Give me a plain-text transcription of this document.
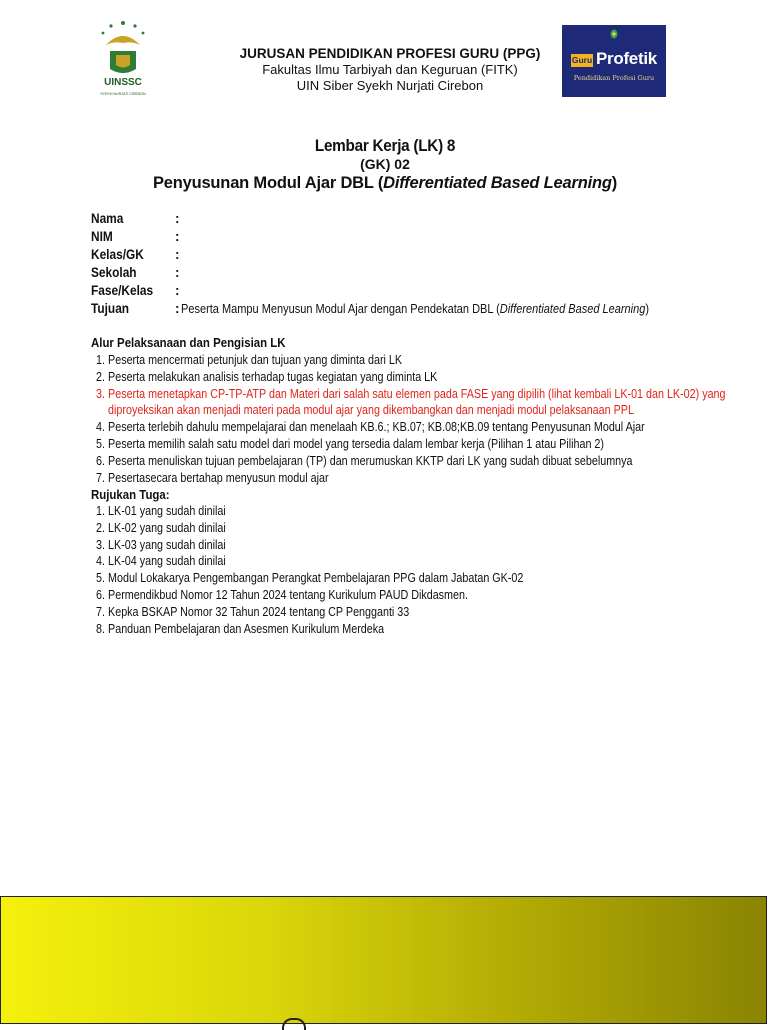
UINSSC
SYEKH NURJATI CIREBON
JURUSAN PENDIDIKAN PROFESI GURU (PPG)
Fakultas Ilmu Tarbiyah dan Keguruan (FITK)
UIN Siber Syekh Nurjati Cirebon
Guru Profetik
Pendidikan Profesi Guru
Lembar Kerja (LK) 8
(GK) 02
Penyusunan Modul Ajar DBL (Differentiated Based Learning)
Nama	:
NIM	:
Kelas/GK :
Sekolah	:
Fase/Kelas :
Tujuan	: Peserta Mampu Menyusun Modul Ajar dengan Pendekatan DBL (Differentiated Based Learning)
Alur Pelaksanaan dan Pengisian LK
1. Peserta mencermati petunjuk dan tujuan yang diminta dari LK
2. Peserta melakukan analisis terhadap tugas kegiatan yang diminta LK
3. Peserta menetapkan CP-TP-ATP dan Materi dari salah satu elemen pada FASE yang dipilih (lihat kembali LK-01 dan LK-02) yang
diproyeksikan akan menjadi materi pada modul ajar yang dikembangkan dan menjadi modul pelaksanaan PPL
4. Peserta terlebih dahulu mempelajarai dan menelaah KB.6.; KB.07; KB.08;KB.09 tentang Penyusunan Modul Ajar
5. Peserta memilih salah satu model dari model yang tersedia dalam lembar kerja (Pilihan 1 atau Pilihan 2)
6. Peserta menuliskan tujuan pembelajaran (TP) dan merumuskan KKTP dari LK yang sudah dibuat sebelumnya
7. Pesertasecara bertahap menyusun modul ajar
Rujukan Tuga:
1. LK-01 yang sudah dinilai
2. LK-02 yang sudah dinilai
3. LK-03 yang sudah dinilai
4. LK-04 yang sudah dinilai
5. Modul Lokakarya Pengembangan Perangkat Pembelajaran PPG dalam Jabatan GK-02
6. Permendikbud Nomor 12 Tahun 2024 tentang Kurikulum PAUD Dikdasmen.
7. Kepka BSKAP Nomor 32 Tahun 2024 tentang CP Pengganti 33
8. Panduan Pembelajaran dan Asesmen Kurikulum Merdeka
